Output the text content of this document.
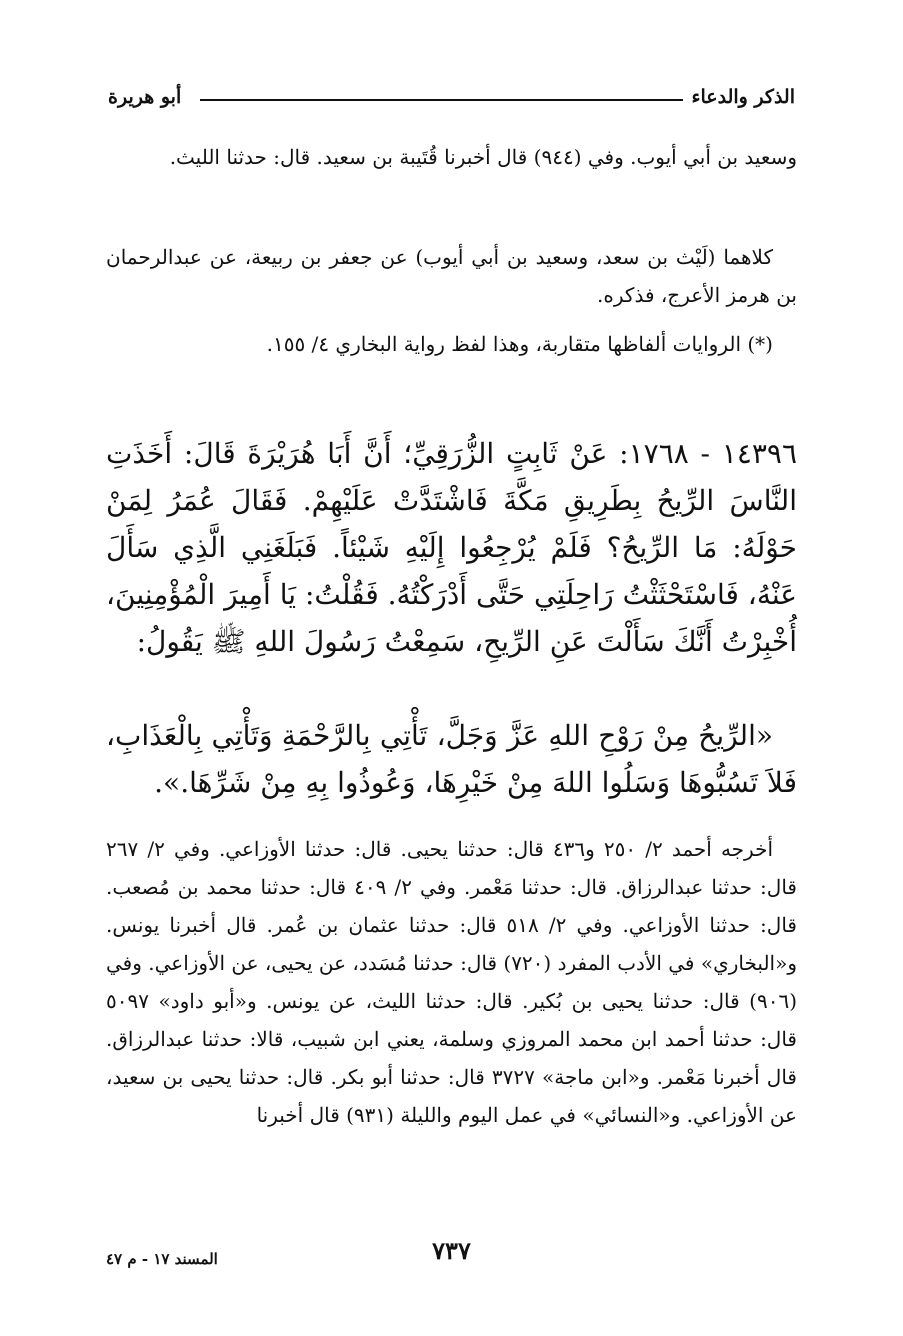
الذكر والدعاء
أبو هريرة

وسعيد بن أبي أيوب. وفي (٩٤٤) قال أخبرنا قُتَيبة بن سعيد. قال: حدثنا الليث.

كلاهما (لَيْث بن سعد، وسعيد بن أبي أيوب) عن جعفر بن ربيعة، عن عبدالرحمان بن هرمز الأعرج، فذكره.

(*) الروايات ألفاظها متقاربة، وهذا لفظ رواية البخاري ٤/ ١٥٥.

١٤٣٩٦ - ١٧٦٨: عَنْ ثَابِتٍ الزُّرَقِيِّ؛ أَنَّ أَبَا هُرَيْرَةَ قَالَ: أَخَذَتِ النَّاسَ الرِّيحُ بِطَرِيقِ مَكَّةَ فَاشْتَدَّتْ عَلَيْهِمْ. فَقَالَ عُمَرُ لِمَنْ حَوْلَهُ: مَا الرِّيحُ؟ فَلَمْ يُرْجِعُوا إِلَيْهِ شَيْئاً. فَبَلَغَنِي الَّذِي سَأَلَ عَنْهُ، فَاسْتَحْثَثْتُ رَاحِلَتِي حَتَّى أَدْرَكْتُهُ. فَقُلْتُ: يَا أَمِيرَ الْمُؤْمِنِينَ، أُخْبِرْتُ أَنَّكَ سَأَلْتَ عَنِ الرِّيحِ، سَمِعْتُ رَسُولَ اللهِ ﷺ يَقُولُ:

«الرِّيحُ مِنْ رَوْحِ اللهِ عَزَّ وَجَلَّ، تَأْتِي بِالرَّحْمَةِ وَتَأْتِي بِالْعَذَابِ، فَلاَ تَسُبُّوهَا وَسَلُوا اللهَ مِنْ خَيْرِهَا، وَعُوذُوا بِهِ مِنْ شَرِّهَا.».

أخرجه أحمد ٢/ ٢٥٠ و٤٣٦ قال: حدثنا يحيى. قال: حدثنا الأوزاعي. وفي ٢/ ٢٦٧ قال: حدثنا عبدالرزاق. قال: حدثنا مَعْمر. وفي ٢/ ٤٠٩ قال: حدثنا محمد بن مُصعب. قال: حدثنا الأوزاعي. وفي ٢/ ٥١٨ قال: حدثنا عثمان بن عُمر. قال أخبرنا يونس. و«البخاري» في الأدب المفرد (٧٢٠) قال: حدثنا مُسَدد، عن يحيى، عن الأوزاعي. وفي (٩٠٦) قال: حدثنا يحيى بن بُكير. قال: حدثنا الليث، عن يونس. و«أبو داود» ٥٠٩٧ قال: حدثنا أحمد ابن محمد المروزي وسلمة، يعني ابن شبيب، قالا: حدثنا عبدالرزاق. قال أخبرنا مَعْمر. و«ابن ماجة» ٣٧٢٧ قال: حدثنا أبو بكر. قال: حدثنا يحيى بن سعيد، عن الأوزاعي. و«النسائي» في عمل اليوم والليلة (٩٣١) قال أخبرنا

٧٣٧
المسند ١٧ - م ٤٧
